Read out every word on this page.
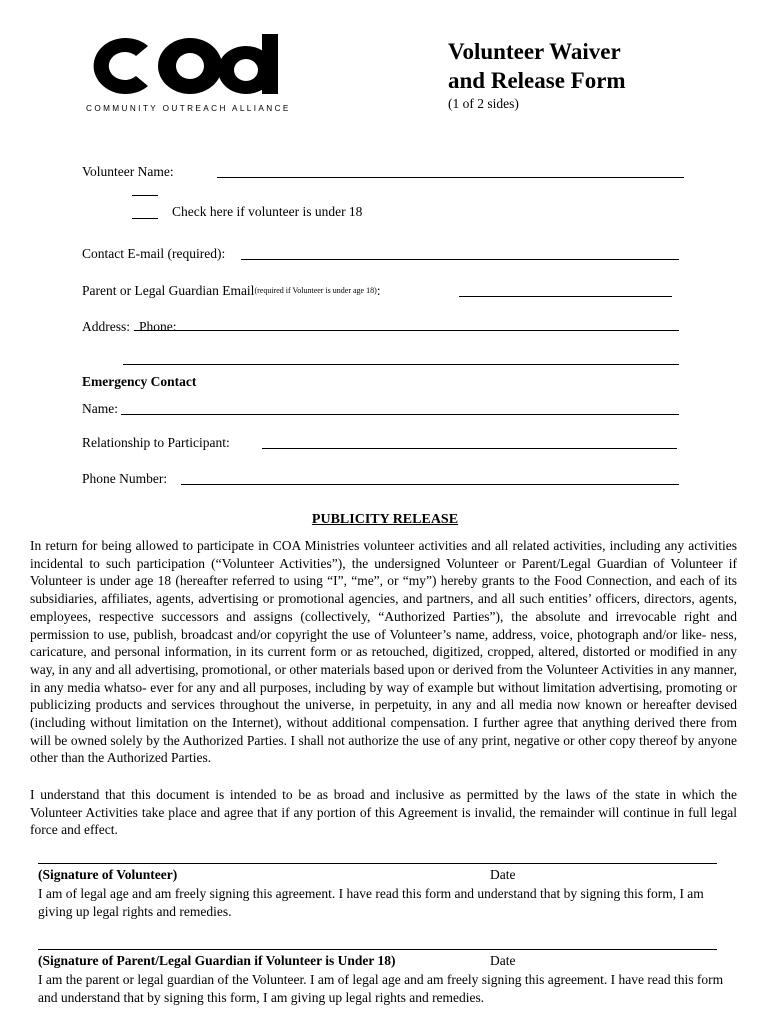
COMMUNITY OUTREACH ALLIANCE
Volunteer Waiver
and Release Form
(1 of 2 sides)
Volunteer Name:
Check here if volunteer is under 18
Contact E-mail (required):
Parent or Legal Guardian Email$^{(required if Volunteer is under age 18)}$:
Address: Phone:
Emergency Contact
Name:
Relationship to Participant:
Phone Number:
PUBLICITY RELEASE
In return for being allowed to participate in COA Ministries volunteer activities and all related activities, including any activities incidental to such participation (“Volunteer Activities”), the undersigned Volunteer or Parent/Legal Guardian of Volunteer if Volunteer is under age 18 (hereafter referred to using “I”, “me”, or “my”) hereby grants to the Food Connection, and each of its subsidiaries, affiliates, agents, advertising or promotional agencies, and partners, and all such entities’ officers, directors, agents, employees, respective successors and assigns (collectively, “Authorized Parties”), the absolute and irrevocable right and permission to use, publish, broadcast and/or copyright the use of Volunteer’s name, address, voice, photograph and/or like- ness, caricature, and personal information, in its current form or as retouched, digitized, cropped, altered, distorted or modified in any way, in any and all advertising, promotional, or other materials based upon or derived from the Volunteer Activities in any manner, in any media whatso- ever for any and all purposes, including by way of example but without limitation advertising, promoting or publicizing products and services throughout the universe, in perpetuity, in any and all media now known or hereafter devised (including without limitation on the Internet), without additional compensation. I further agree that anything derived there from will be owned solely by the Authorized Parties. I shall not authorize the use of any print, negative or other copy thereof by anyone other than the Authorized Parties.
I understand that this document is intended to be as broad and inclusive as permitted by the laws of the state in which the Volunteer Activities take place and agree that if any portion of this Agreement is invalid, the remainder will continue in full legal force and effect.
(Signature of Volunteer)	Date
I am of legal age and am freely signing this agreement. I have read this form and understand that by signing this form, I am giving up legal rights and remedies.
(Signature of Parent/Legal Guardian if Volunteer is Under 18)	Date
I am the parent or legal guardian of the Volunteer. I am of legal age and am freely signing this agreement. I have read this form and understand that by signing this form, I am giving up legal rights and remedies.
